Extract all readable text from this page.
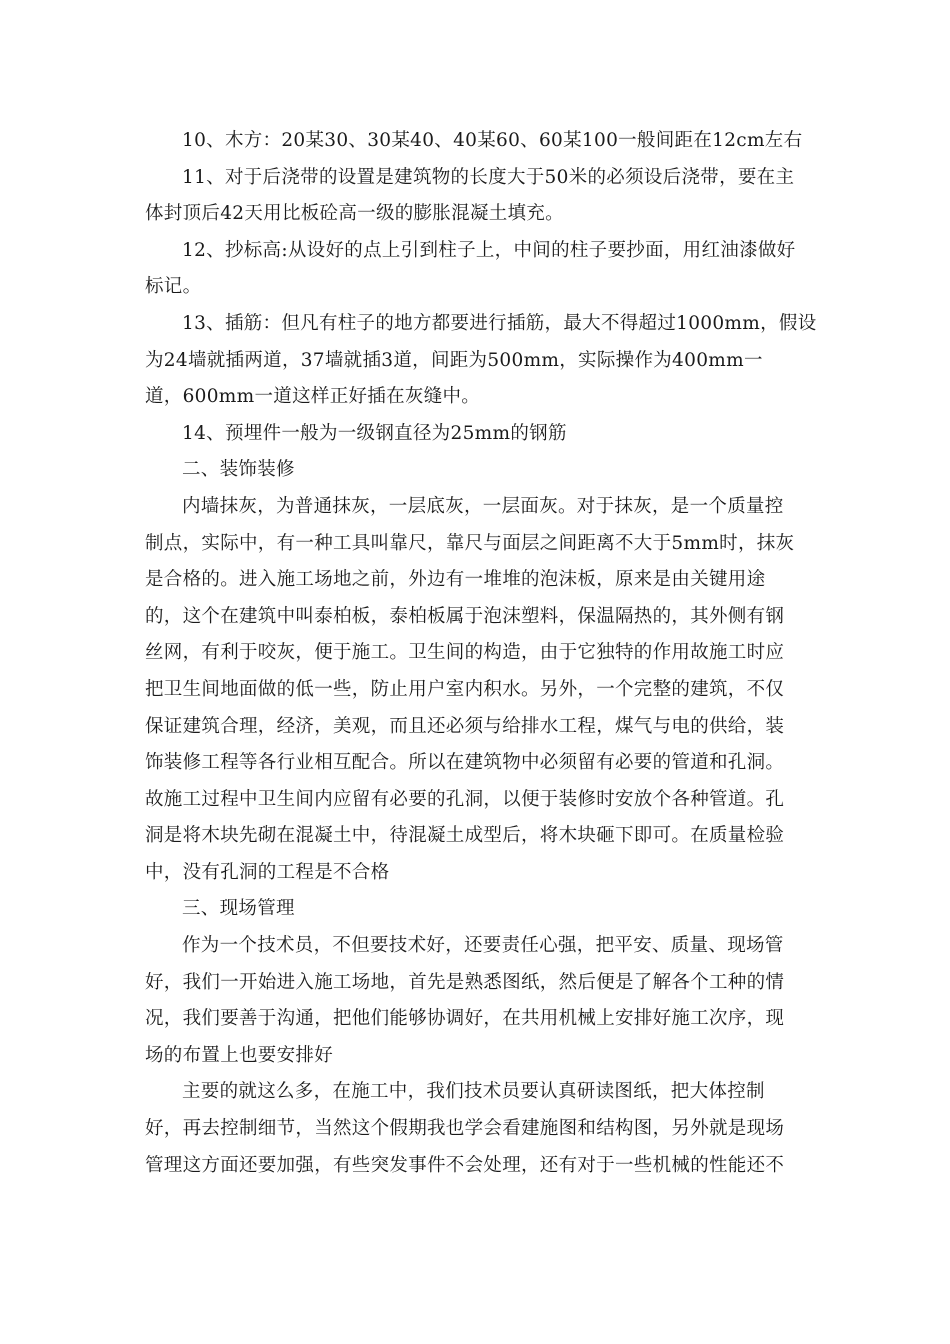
10、木方：20某30、30某40、40某60、60某100一般间距在12cm左右
11、对于后浇带的设置是建筑物的长度大于50米的必须设后浇带，要在主
体封顶后42天用比板砼高一级的膨胀混凝土填充。
12、抄标高:从设好的点上引到柱子上，中间的柱子要抄面，用红油漆做好
标记。
13、插筋：但凡有柱子的地方都要进行插筋，最大不得超过1000mm，假设
为24墙就插两道，37墙就插3道，间距为500mm，实际操作为400mm一
道，600mm一道这样正好插在灰缝中。
14、预埋件一般为一级钢直径为25mm的钢筋
二、装饰装修
内墙抹灰，为普通抹灰，一层底灰，一层面灰。对于抹灰，是一个质量控
制点，实际中，有一种工具叫靠尺，靠尺与面层之间距离不大于5mm时，抹灰
是合格的。进入施工场地之前，外边有一堆堆的泡沫板，原来是由关键用途
的，这个在建筑中叫泰柏板，泰柏板属于泡沫塑料，保温隔热的，其外侧有钢
丝网，有利于咬灰，便于施工。卫生间的构造，由于它独特的作用故施工时应
把卫生间地面做的低一些，防止用户室内积水。另外，一个完整的建筑，不仅
保证建筑合理，经济，美观，而且还必须与给排水工程，煤气与电的供给，装
饰装修工程等各行业相互配合。所以在建筑物中必须留有必要的管道和孔洞。
故施工过程中卫生间内应留有必要的孔洞，以便于装修时安放个各种管道。孔
洞是将木块先砌在混凝土中，待混凝土成型后，将木块砸下即可。在质量检验
中，没有孔洞的工程是不合格
三、现场管理
作为一个技术员，不但要技术好，还要责任心强，把平安、质量、现场管
好，我们一开始进入施工场地，首先是熟悉图纸，然后便是了解各个工种的情
况，我们要善于沟通，把他们能够协调好，在共用机械上安排好施工次序，现
场的布置上也要安排好
主要的就这么多，在施工中，我们技术员要认真研读图纸，把大体控制
好，再去控制细节，当然这个假期我也学会看建施图和结构图，另外就是现场
管理这方面还要加强，有些突发事件不会处理，还有对于一些机械的性能还不
